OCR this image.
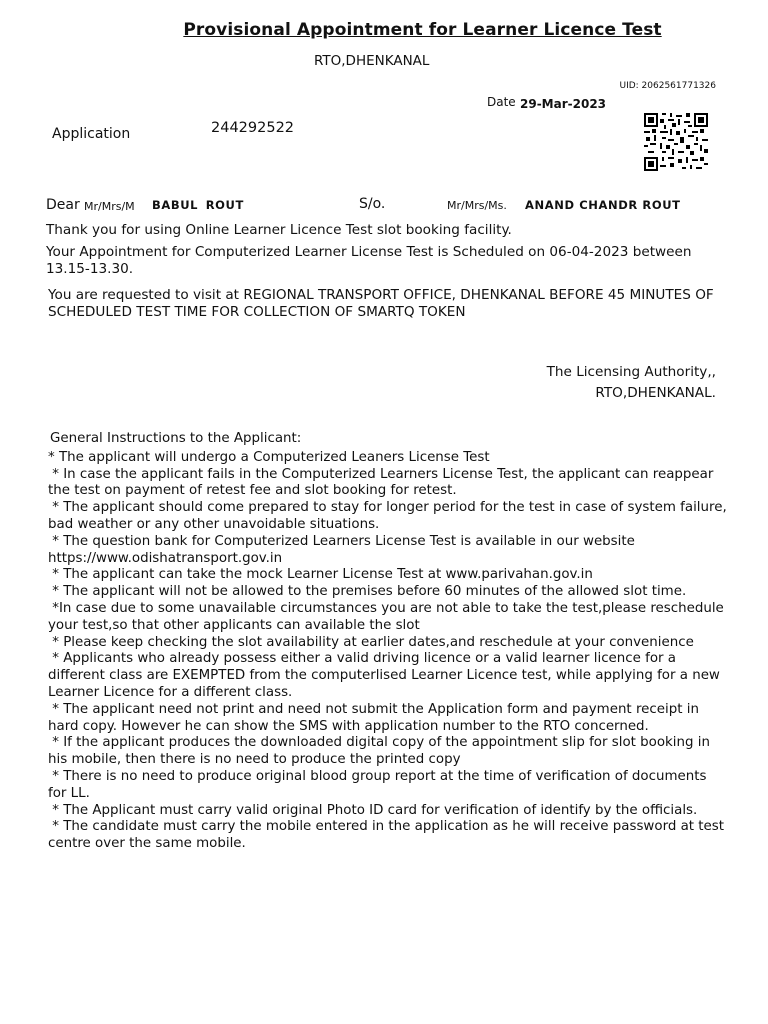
Provisional Appointment for Learner Licence Test
RTO,DHENKANAL
UID: 2062561771326
Date 29-Mar-2023
Application	244292522
Dear Mr/Mrs/M BABUL ROUT	S/o.	Mr/Mrs/Ms. ANAND CHANDR ROUT
Thank you for using Online Learner Licence Test slot booking facility.
Your Appointment for Computerized Learner License Test is Scheduled on 06-04-2023 between 13.15-13.30.
You are requested to visit at REGIONAL TRANSPORT OFFICE, DHENKANAL BEFORE 45 MINUTES OF SCHEDULED TEST TIME FOR COLLECTION OF SMARTQ TOKEN
The Licensing Authority,,
RTO,DHENKANAL.
General Instructions to the Applicant:
* The applicant will undergo a Computerized Leaners License Test
* In case the applicant fails in the Computerized Learners License Test, the applicant can reappear the test on payment of retest fee and slot booking for retest.
* The applicant should come prepared to stay for longer period for the test in case of system failure, bad weather or any other unavoidable situations.
* The question bank for Computerized Learners License Test is available in our website https://www.odishatransport.gov.in
* The applicant can take the mock Learner License Test at www.parivahan.gov.in
* The applicant will not be allowed to the premises before 60 minutes of the allowed slot time.
*In case due to some unavailable circumstances you are not able to take the test,please reschedule your test,so that other applicants can available the slot
* Please keep checking the slot availability at earlier dates,and reschedule at your convenience
* Applicants who already possess either a valid driving licence or a valid learner licence for a different class are EXEMPTED from the computerlised Learner Licence test, while applying for a new Learner Licence for a different class.
* The applicant need not print and need not submit the Application form and payment receipt in hard copy. However he can show the SMS with application number to the RTO concerned.
* If the applicant produces the downloaded digital copy of the appointment slip for slot booking in his mobile, then there is no need to produce the printed copy
* There is no need to produce original blood group report at the time of verification of documents for LL.
* The Applicant must carry valid original Photo ID card for verification of identify by the officials.
* The candidate must carry the mobile entered in the application as he will receive password at test centre over the same mobile.
